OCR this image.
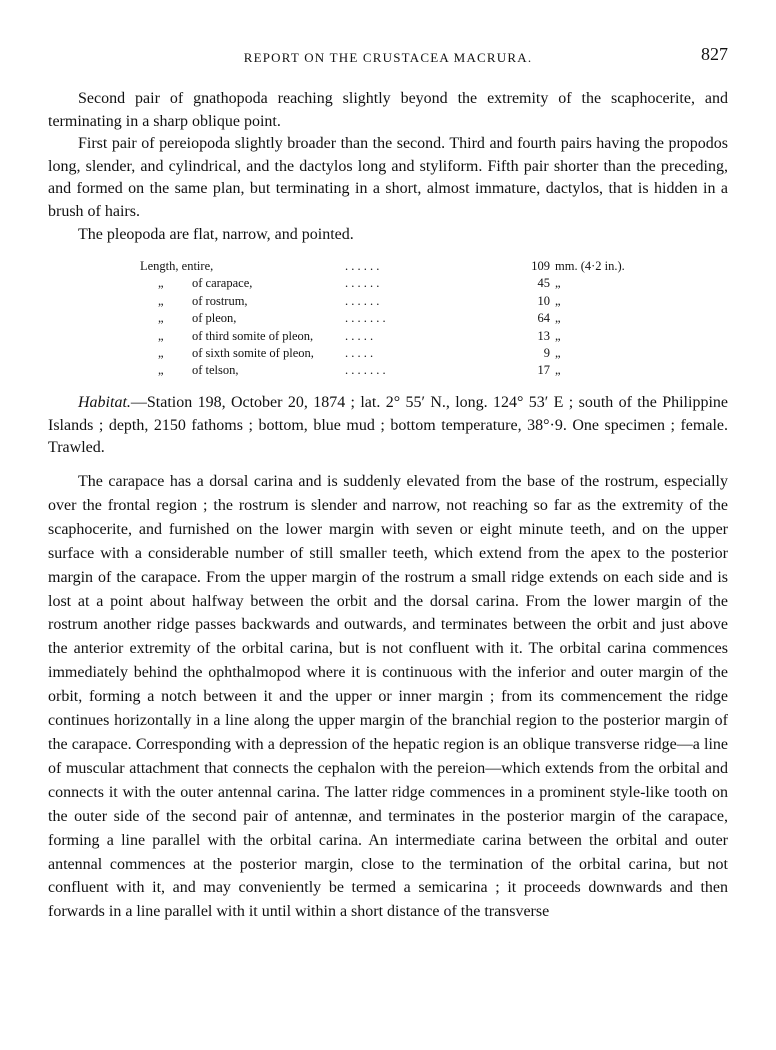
REPORT ON THE CRUSTACEA MACRURA.	827

Second pair of gnathopoda reaching slightly beyond the extremity of the scaphocerite, and terminating in a sharp oblique point.

First pair of pereiopoda slightly broader than the second. Third and fourth pairs having the propodos long, slender, and cylindrical, and the dactylos long and styliform. Fifth pair shorter than the preceding, and formed on the same plan, but terminating in a short, almost immature, dactylos, that is hidden in a brush of hairs.

The pleopoda are flat, narrow, and pointed.

Length, entire,	. . . . . .	109 mm. (4·2 in.).
„ of carapace,	. . . . . .	45 „
„ of rostrum,	. . . . . .	10 „
„ of pleon,	. . . . . . .	64 „
„ of third somite of pleon,	. . . . .	13 „
„ of sixth somite of pleon, . . . . .	9 „
„ of telson,	. . . . . . .	17 „

Habitat.—Station 198, October 20, 1874 ; lat. 2° 55′ N., long. 124° 53′ E ; south of the Philippine Islands ; depth, 2150 fathoms ; bottom, blue mud ; bottom temperature, 38°·9. One specimen ; female. Trawled.

The carapace has a dorsal carina and is suddenly elevated from the base of the rostrum, especially over the frontal region ; the rostrum is slender and narrow, not reaching so far as the extremity of the scaphocerite, and furnished on the lower margin with seven or eight minute teeth, and on the upper surface with a considerable number of still smaller teeth, which extend from the apex to the posterior margin of the carapace. From the upper margin of the rostrum a small ridge extends on each side and is lost at a point about halfway between the orbit and the dorsal carina. From the lower margin of the rostrum another ridge passes backwards and outwards, and terminates between the orbit and just above the anterior extremity of the orbital carina, but is not confluent with it. The orbital carina commences immediately behind the ophthalmopod where it is continuous with the inferior and outer margin of the orbit, forming a notch between it and the upper or inner margin ; from its commencement the ridge continues horizontally in a line along the upper margin of the branchial region to the posterior margin of the carapace. Corresponding with a depression of the hepatic region is an oblique transverse ridge—a line of muscular attachment that connects the cephalon with the pereion—which extends from the orbital and connects it with the outer antennal carina. The latter ridge commences in a prominent style-like tooth on the outer side of the second pair of antennæ, and terminates in the posterior margin of the carapace, forming a line parallel with the orbital carina. An intermediate carina between the orbital and outer antennal commences at the posterior margin, close to the termination of the orbital carina, but not confluent with it, and may conveniently be termed a semicarina ; it proceeds downwards and then forwards in a line parallel with it until within a short distance of the transverse
